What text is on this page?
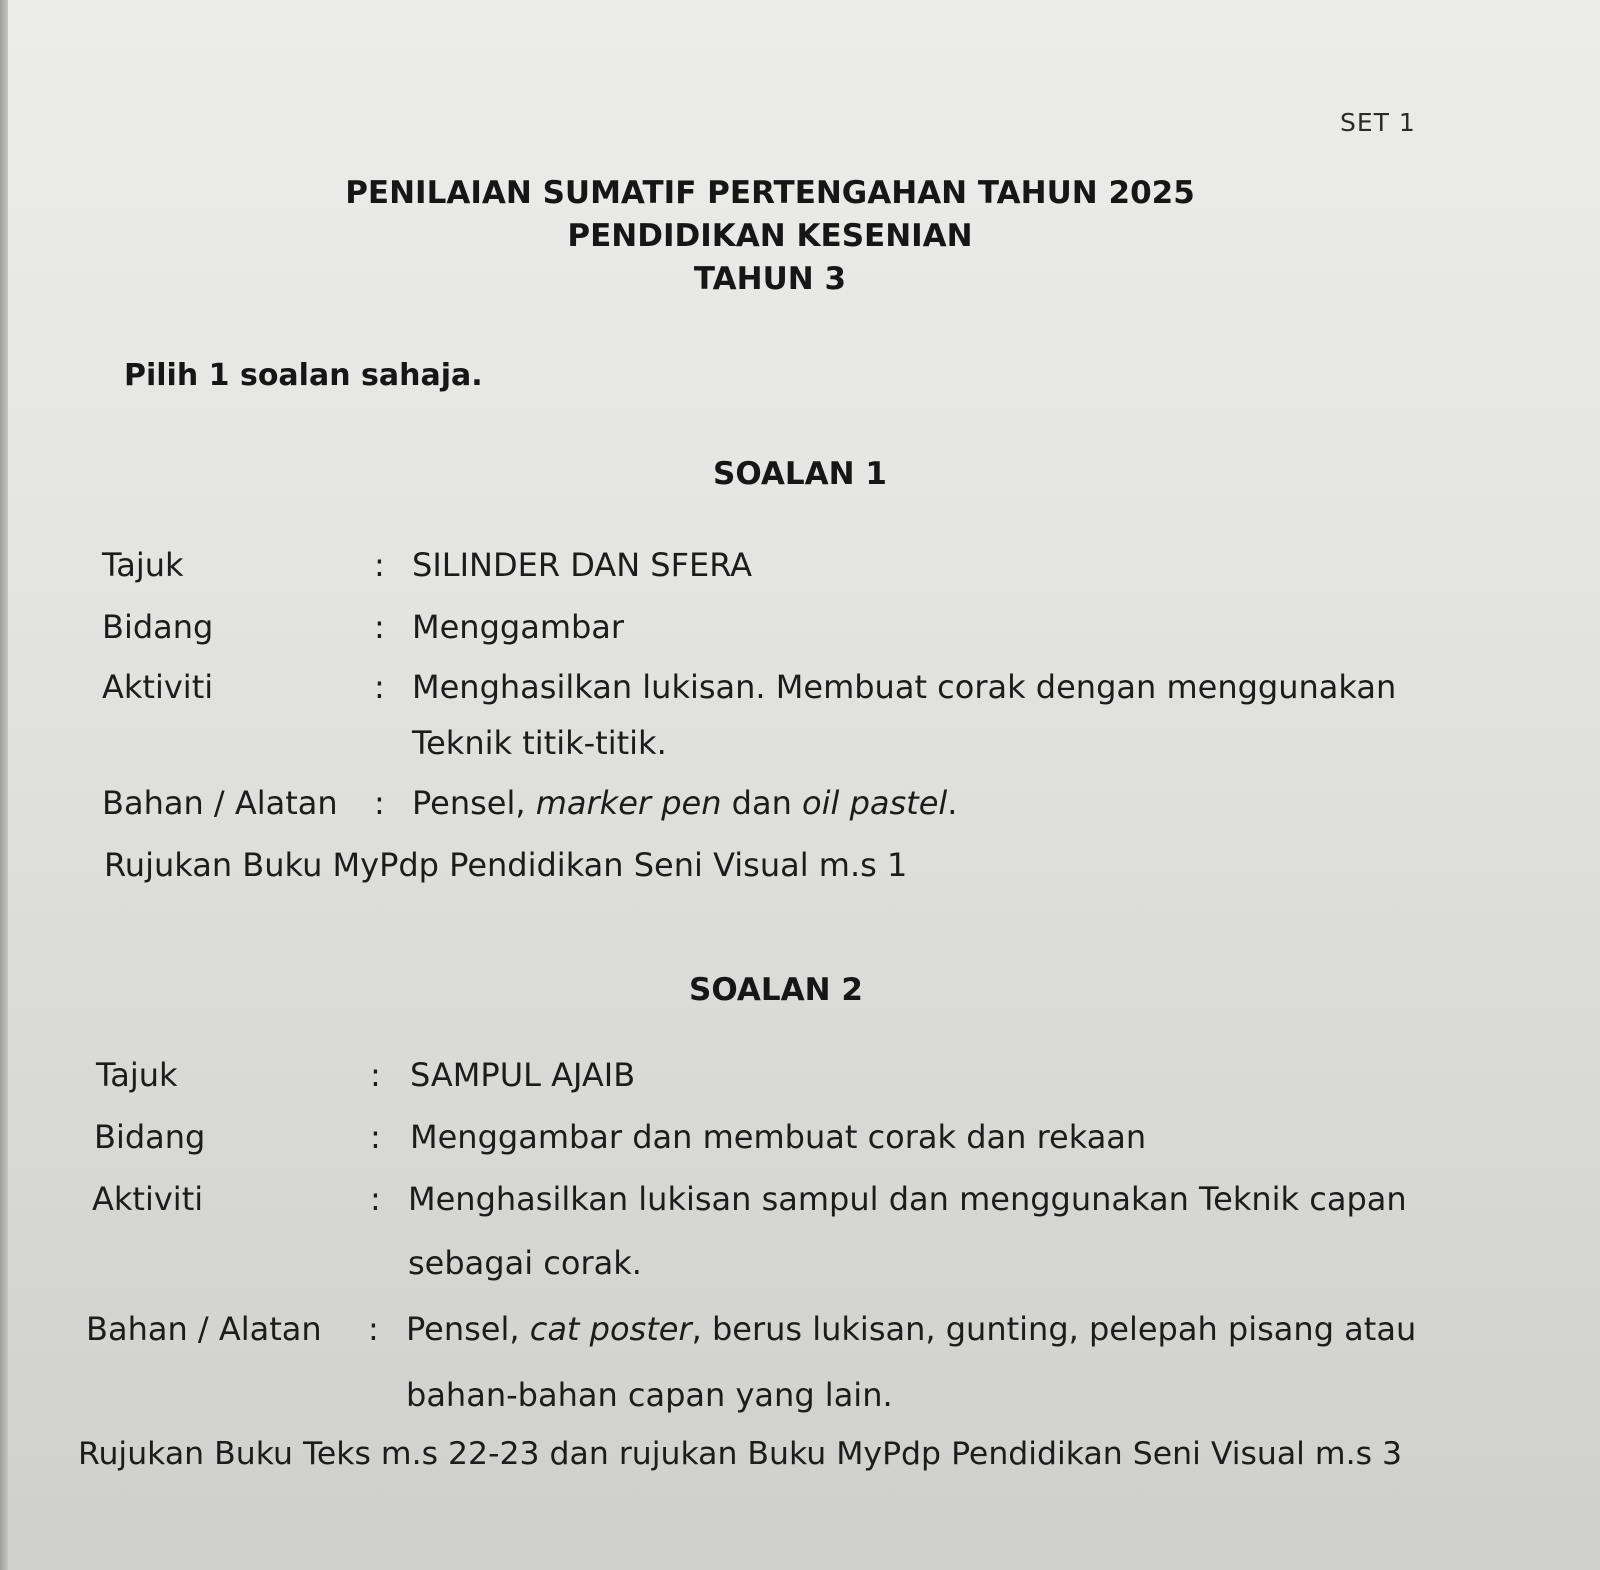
SET 1
PENILAIAN SUMATIF PERTENGAHAN TAHUN 2025
PENDIDIKAN KESENIAN
TAHUN 3
Pilih 1 soalan sahaja.
SOALAN 1
Tajuk	: SILINDER DAN SFERA
Bidang	: Menggambar
Aktiviti	: Menghasilkan lukisan. Membuat corak dengan menggunakan
Teknik titik-titik.
Bahan / Alatan : Pensel, marker pen dan oil pastel.
Rujukan Buku MyPdp Pendidikan Seni Visual m.s 1
SOALAN 2
Tajuk	: SAMPUL AJAIB
Bidang	: Menggambar dan membuat corak dan rekaan
Aktiviti	: Menghasilkan lukisan sampul dan menggunakan Teknik capan
sebagai corak.
Bahan / Alatan : Pensel, cat poster, berus lukisan, gunting, pelepah pisang atau
bahan-bahan capan yang lain.
Rujukan Buku Teks m.s 22-23 dan rujukan Buku MyPdp Pendidikan Seni Visual m.s 3
